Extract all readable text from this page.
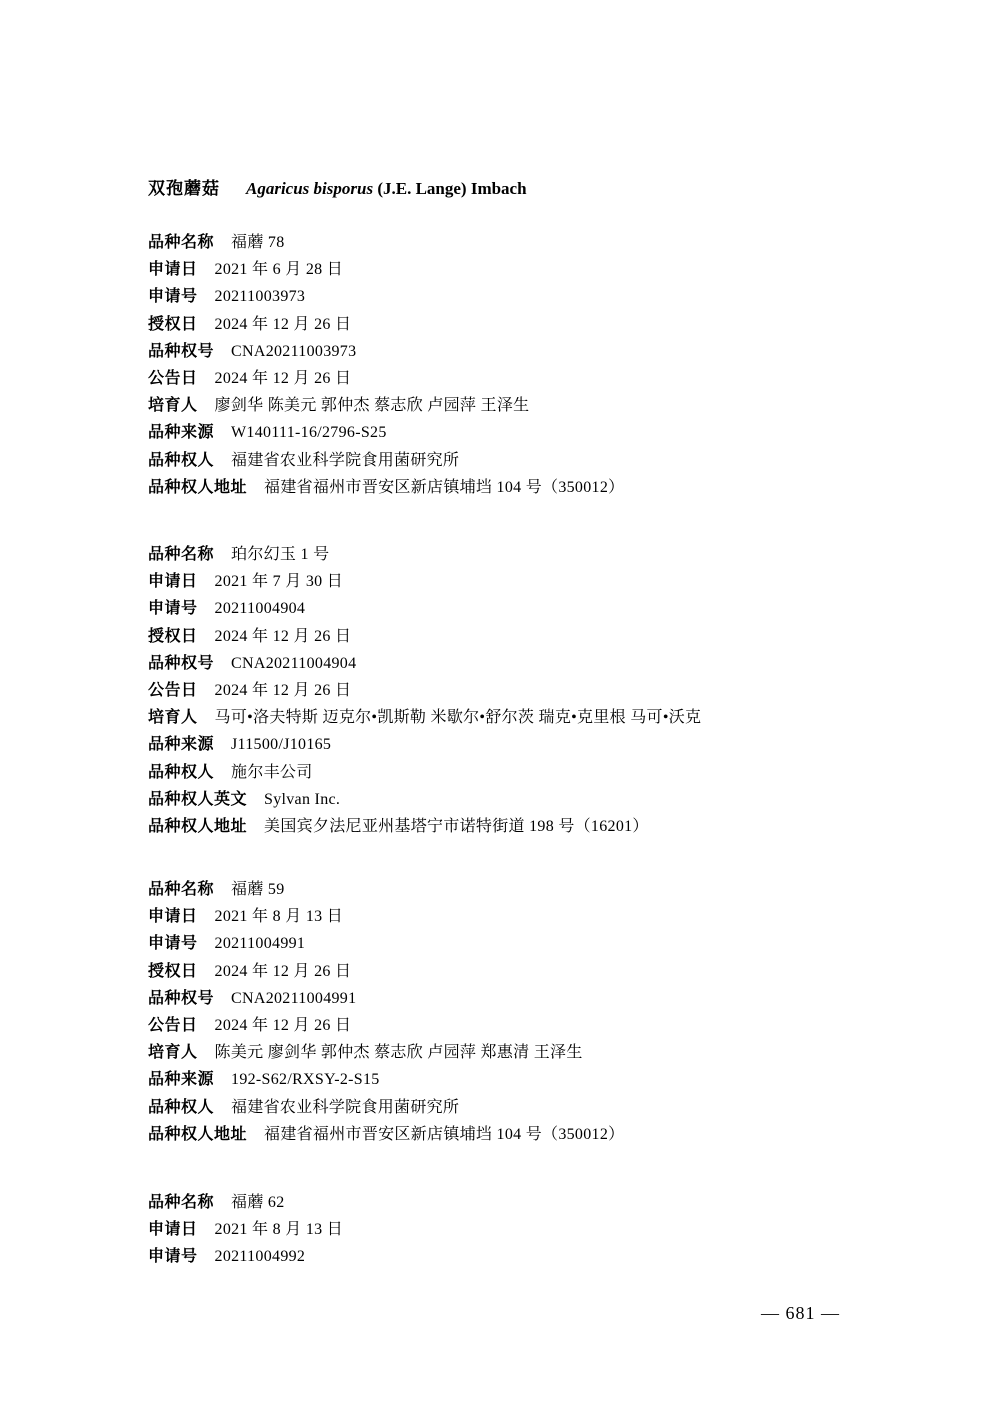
双孢蘑菇 Agaricus bisporus (J.E. Lange) Imbach
品种名称 福蘑 78
申请日 2021 年 6 月 28 日
申请号 20211003973
授权日 2024 年 12 月 26 日
品种权号 CNA20211003973
公告日 2024 年 12 月 26 日
培育人 廖剑华 陈美元 郭仲杰 蔡志欣 卢园萍 王泽生
品种来源 W140111-16/2796-S25
品种权人 福建省农业科学院食用菌研究所
品种权人地址 福建省福州市晋安区新店镇埔垱 104 号（350012）
品种名称 珀尔幻玉 1 号
申请日 2021 年 7 月 30 日
申请号 20211004904
授权日 2024 年 12 月 26 日
品种权号 CNA20211004904
公告日 2024 年 12 月 26 日
培育人 马可•洛夫特斯 迈克尔•凯斯勒 米歇尔•舒尔茨 瑞克•克里根 马可•沃克
品种来源 J11500/J10165
品种权人 施尔丰公司
品种权人英文 Sylvan Inc.
品种权人地址 美国宾夕法尼亚州基塔宁市诺特街道 198 号（16201）
品种名称 福蘑 59
申请日 2021 年 8 月 13 日
申请号 20211004991
授权日 2024 年 12 月 26 日
品种权号 CNA20211004991
公告日 2024 年 12 月 26 日
培育人 陈美元 廖剑华 郭仲杰 蔡志欣 卢园萍 郑惠清 王泽生
品种来源 192-S62/RXSY-2-S15
品种权人 福建省农业科学院食用菌研究所
品种权人地址 福建省福州市晋安区新店镇埔垱 104 号（350012）
品种名称 福蘑 62
申请日 2021 年 8 月 13 日
申请号 20211004992
— 681 —
